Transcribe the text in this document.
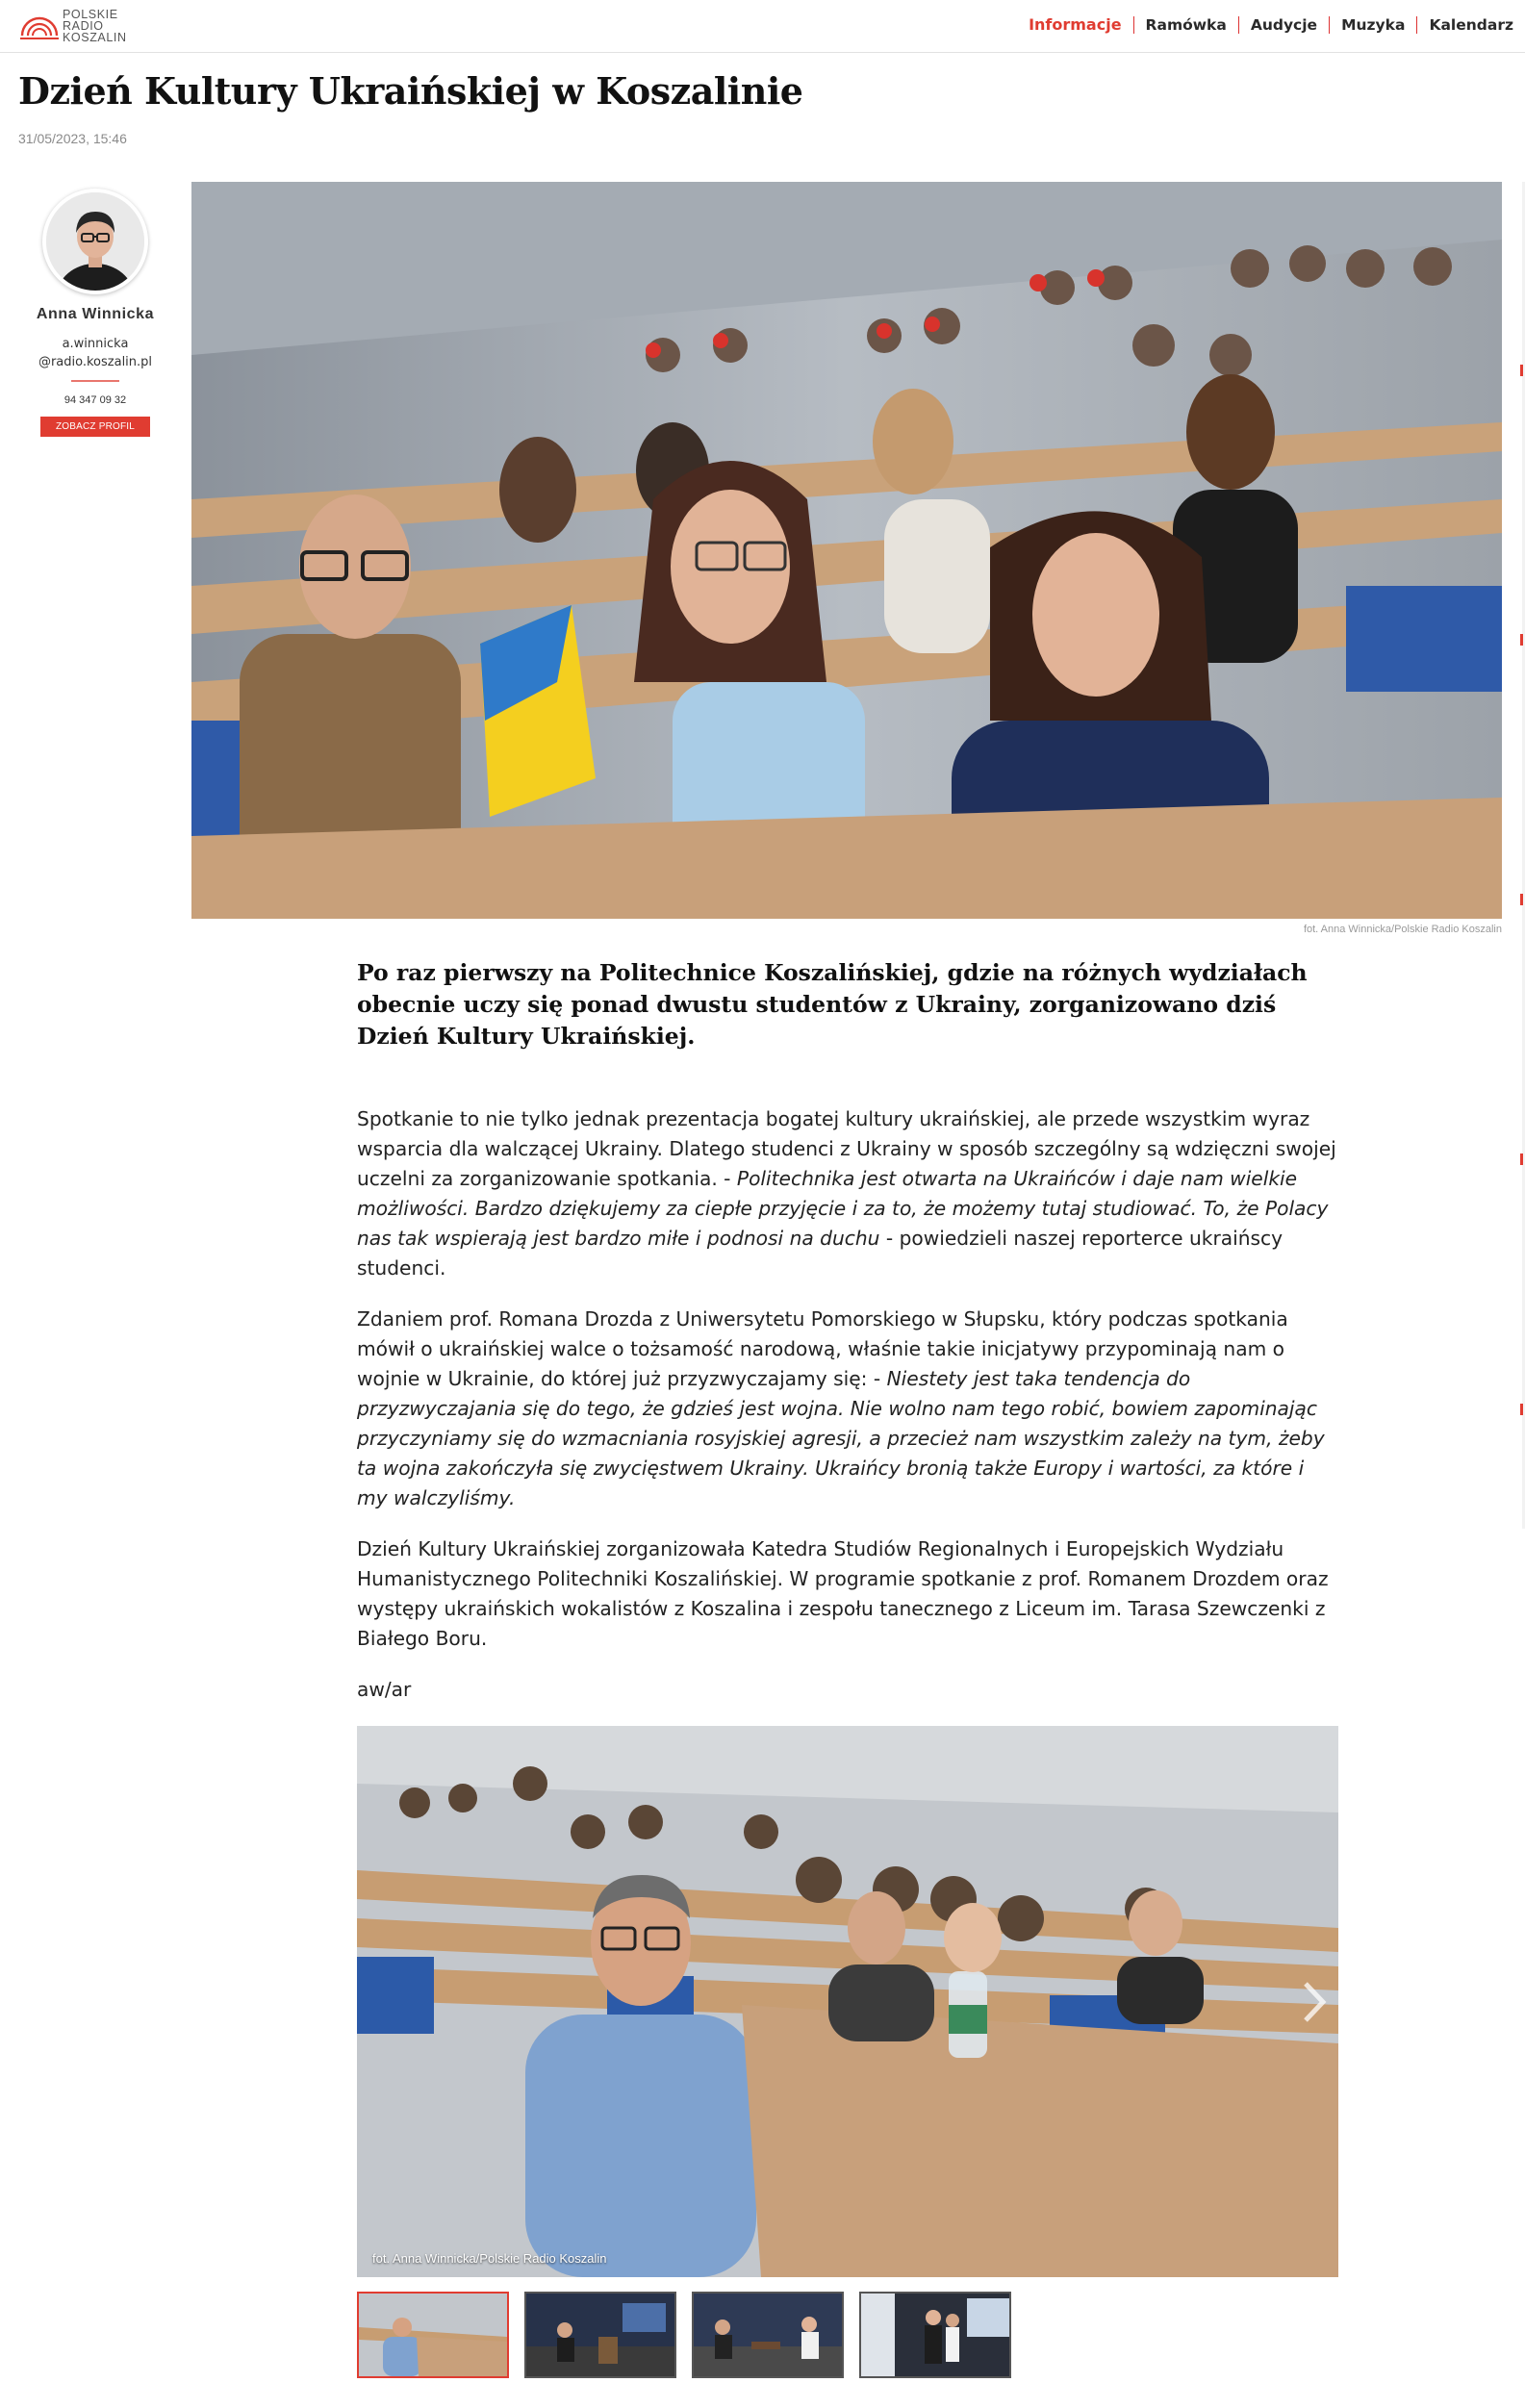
POLSKIE
RADIO
KOSZALIN
Informacje	Ramówka	Audycje	Muzyka	Kalendarz
Dzień Kultury Ukraińskiej w Koszalinie
31/05/2023, 15:46
Anna Winnicka
a.winnicka
@radio.koszalin.pl
94 347 09 32
ZOBACZ PROFIL
fot. Anna Winnicka/Polskie Radio Koszalin

Po raz pierwszy na Politechnice Koszalińskiej, gdzie na różnych wydziałach obecnie uczy się ponad dwustu studentów z Ukrainy, zorganizowano dziś Dzień Kultury Ukraińskiej.

Spotkanie to nie tylko jednak prezentacja bogatej kultury ukraińskiej, ale przede wszystkim wyraz wsparcia dla walczącej Ukrainy. Dlatego studenci z Ukrainy w sposób szczególny są wdzięczni swojej uczelni za zorganizowanie spotkania. - Politechnika jest otwarta na Ukraińców i daje nam wielkie możliwości. Bardzo dziękujemy za ciepłe przyjęcie i za to, że możemy tutaj studiować. To, że Polacy nas tak wspierają jest bardzo miłe i podnosi na duchu - powiedzieli naszej reporterce ukraińscy studenci.

Zdaniem prof. Romana Drozda z Uniwersytetu Pomorskiego w Słupsku, który podczas spotkania mówił o ukraińskiej walce o tożsamość narodową, właśnie takie inicjatywy przypominają nam o wojnie w Ukrainie, do której już przyzwyczajamy się: - Niestety jest taka tendencja do przyzwyczajania się do tego, że gdzieś jest wojna. Nie wolno nam tego robić, bowiem zapominając przyczyniamy się do wzmacniania rosyjskiej agresji, a przecież nam wszystkim zależy na tym, żeby ta wojna zakończyła się zwycięstwem Ukrainy. Ukraińcy bronią także Europy i wartości, za które i my walczyliśmy.

Dzień Kultury Ukraińskiej zorganizowała Katedra Studiów Regionalnych i Europejskich Wydziału Humanistycznego Politechniki Koszalińskiej. W programie spotkanie z prof. Romanem Drozdem oraz występy ukraińskich wokalistów z Koszalina i zespołu tanecznego z Liceum im. Tarasa Szewczenki z Białego Boru.

aw/ar

fot. Anna Winnicka/Polskie Radio Koszalin
